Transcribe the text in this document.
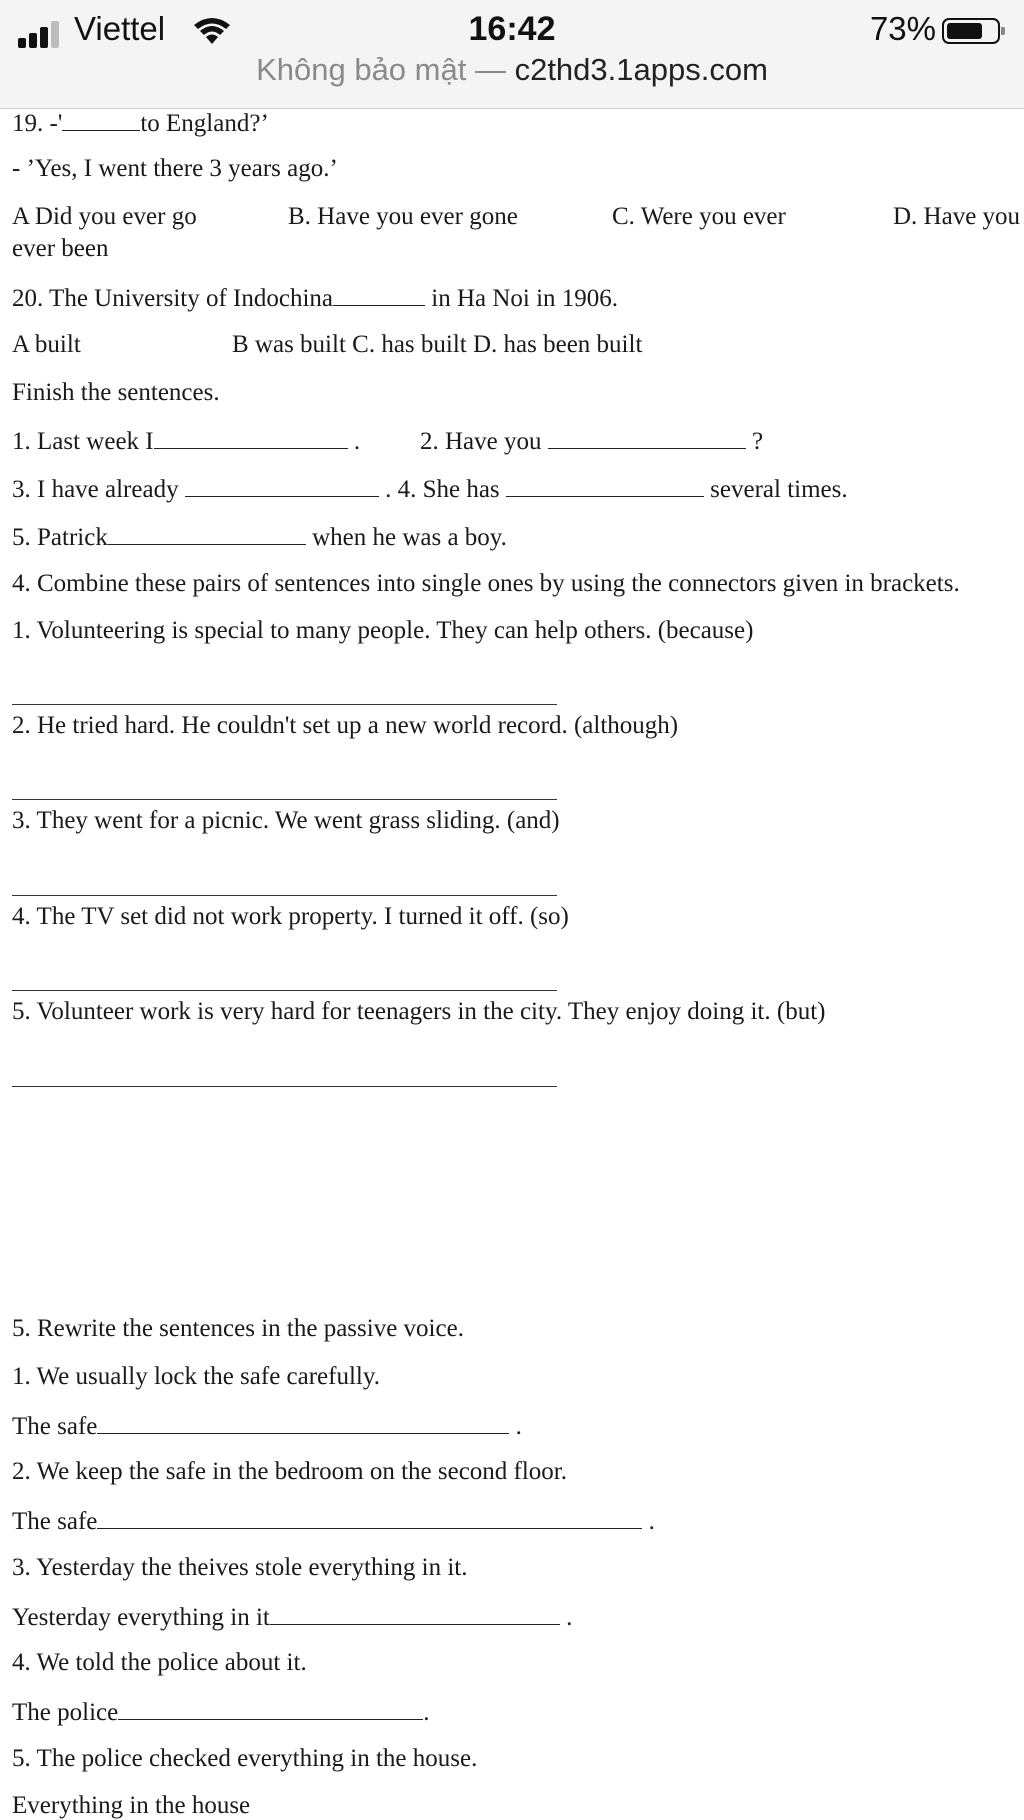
Viettel	16:42	73%
Không bảo mật — c2thd3.1apps.com
19. -'	to England?’
- ’Yes, I went there 3 years ago.’
A Did you ever go	B. Have you ever gone	C. Were you ever	D. Have you
ever been
20. The University of Indochina	in Ha Noi in 1906.
A built	B was built C. has built D. has been built
Finish the sentences.
1. Last week I	. 2. Have you	?
3. I have already	. 4. She has	several times.
5. Patrick	when he was a boy.
4. Combine these pairs of sentences into single ones by using the connectors given in brackets.
1. Volunteering is special to many people. They can help others. (because)
2. He tried hard. He couldn't set up a new world record. (although)
3. They went for a picnic. We went grass sliding. (and)
4. The TV set did not work property. I turned it off. (so)
5. Volunteer work is very hard for teenagers in the city. They enjoy doing it. (but)
5. Rewrite the sentences in the passive voice.
1. We usually lock the safe carefully.
The safe	.
2. We keep the safe in the bedroom on the second floor.
The safe	.
3. Yesterday the theives stole everything in it.
Yesterday everything in it	.
4. We told the police about it.
The police	.
5. The police checked everything in the house.
Everything in the house
